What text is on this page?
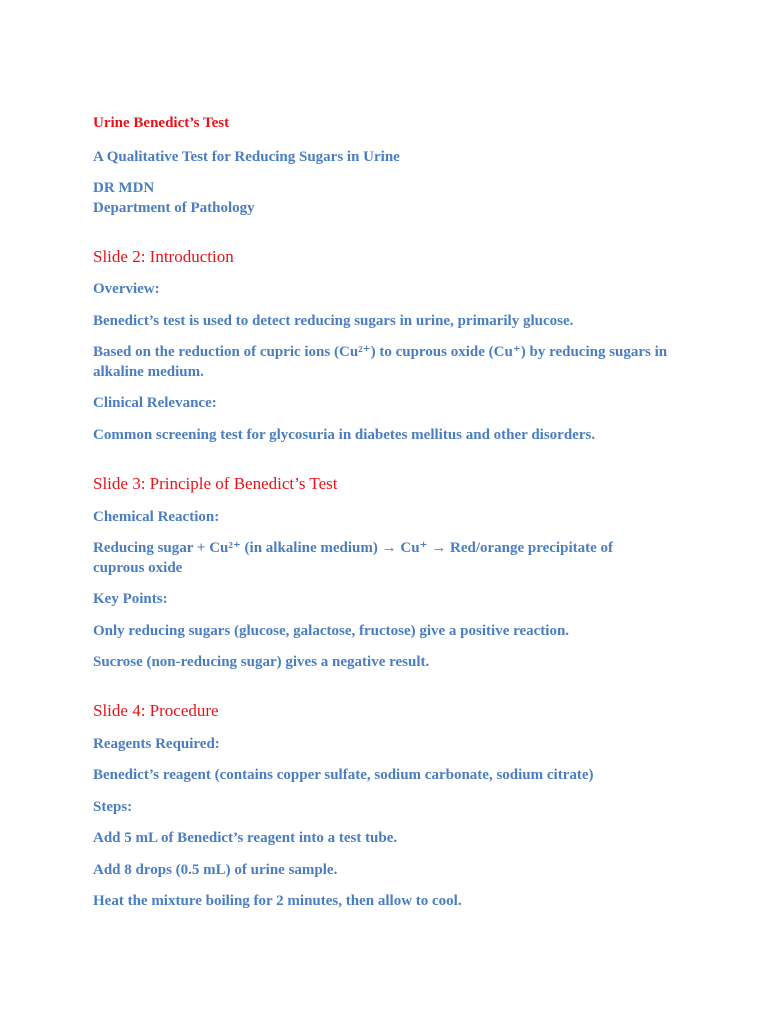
Urine Benedict’s Test
A Qualitative Test for Reducing Sugars in Urine
DR MDN
Department of Pathology
Slide 2: Introduction
Overview:
Benedict’s test is used to detect reducing sugars in urine, primarily glucose.
Based on the reduction of cupric ions (Cu²⁺) to cuprous oxide (Cu⁺) by reducing sugars in alkaline medium.
Clinical Relevance:
Common screening test for glycosuria in diabetes mellitus and other disorders.
Slide 3: Principle of Benedict’s Test
Chemical Reaction:
Reducing sugar + Cu²⁺ (in alkaline medium) → Cu⁺ → Red/orange precipitate of cuprous oxide
Key Points:
Only reducing sugars (glucose, galactose, fructose) give a positive reaction.
Sucrose (non-reducing sugar) gives a negative result.
Slide 4: Procedure
Reagents Required:
Benedict’s reagent (contains copper sulfate, sodium carbonate, sodium citrate)
Steps:
Add 5 mL of Benedict’s reagent into a test tube.
Add 8 drops (0.5 mL) of urine sample.
Heat the mixture boiling for 2 minutes, then allow to cool.
